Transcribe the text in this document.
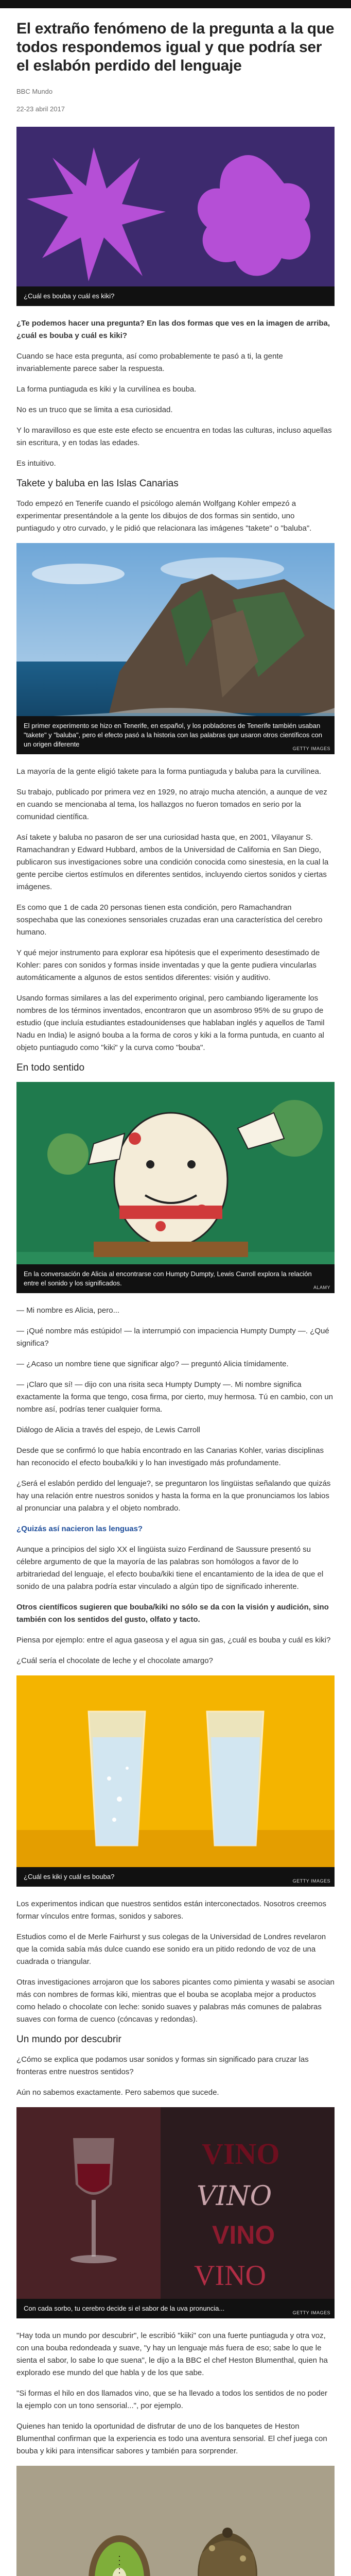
El extraño fenómeno de la pregunta a la que todos respondemos igual y que podría ser el eslabón perdido del lenguaje
BBC Mundo
22-23 abril 2017
¿Cuál es bouba y cuál es kiki?

¿Te podemos hacer una pregunta? En las dos formas que ves en la imagen de arriba, ¿cuál es bouba y cuál es kiki?

Cuando se hace esta pregunta, así como probablemente te pasó a ti, la gente invariablemente parece saber la respuesta.

La forma puntiaguda es kiki y la curvilínea es bouba.

No es un truco que se limita a esa curiosidad.

Y lo maravilloso es que este este efecto se encuentra en todas las culturas, incluso aquellas sin escritura, y en todas las edades.

Es intuitivo.

Takete y baluba en las Islas Canarias

Todo empezó en Tenerife cuando el psicólogo alemán Wolfgang Kohler empezó a experimentar presentándole a la gente los dibujos de dos formas sin sentido, uno puntiagudo y otro curvado, y le pidió que relacionara las imágenes "takete" o "baluba".

El primer experimento se hizo en Tenerife, en español, y los pobladores de Tenerife también usaban "takete" y "baluba", pero el efecto pasó a la historia con las palabras que usaron otros científicos con un origen diferente
GETTY IMAGES

La mayoría de la gente eligió takete para la forma puntiaguda y baluba para la curvilínea.

Su trabajo, publicado por primera vez en 1929, no atrajo mucha atención, a aunque de vez en cuando se mencionaba al tema, los hallazgos no fueron tomados en serio por la comunidad científica.

Así takete y baluba no pasaron de ser una curiosidad hasta que, en 2001, Vilayanur S. Ramachandran y Edward Hubbard, ambos de la Universidad de California en San Diego, publicaron sus investigaciones sobre una condición conocida como sinestesia, en la cual la gente percibe ciertos estímulos en diferentes sentidos, incluyendo ciertos sonidos y ciertas imágenes.

Es como que 1 de cada 20 personas tienen esta condición, pero Ramachandran sospechaba que las conexiones sensoriales cruzadas eran una característica del cerebro humano.

Y qué mejor instrumento para explorar esa hipótesis que el experimento desestimado de Kohler: pares con sonidos y formas inside inventadas y que la gente pudiera vincularlas automáticamente a algunos de estos sentidos diferentes: visión y auditivo.

Usando formas similares a las del experimento original, pero cambiando ligeramente los nombres de los términos inventados, encontraron que un asombroso 95% de su grupo de estudio (que incluía estudiantes estadounidenses que hablaban inglés y aquellos de Tamil Nadu en India) le asignó bouba a la forma de coros y kiki a la forma puntuda, en cuanto al objeto puntiagudo como "kiki" y la curva como "bouba".

En todo sentido
En la conversación de Alicia al encontrarse con Humpty Dumpty, Lewis Carroll explora la relación entre el sonido y los significados.
ALAMY

— Mi nombre es Alicia, pero...

— ¡Qué nombre más estúpido! — la interrumpió con impaciencia Humpty Dumpty —. ¿Qué significa?

— ¿Acaso un nombre tiene que significar algo? — preguntó Alicia tímidamente.

— ¡Claro que sí! — dijo con una risita seca Humpty Dumpty —. Mi nombre significa exactamente la forma que tengo, cosa firma, por cierto, muy hermosa. Tú en cambio, con un nombre así, podrías tener cualquier forma.

Diálogo de Alicia a través del espejo, de Lewis Carroll

Desde que se confirmó lo que había encontrado en las Canarias Kohler, varias disciplinas han reconocido el efecto bouba/kiki y lo han investigado más profundamente.

¿Será el eslabón perdido del lenguaje?, se preguntaron los lingüistas señalando que quizás hay una relación entre nuestros sonidos y hasta la forma en la que pronunciamos los labios al pronunciar una palabra y el objeto nombrado.

¿Quizás así nacieron las lenguas?

Aunque a principios del siglo XX el lingüista suizo Ferdinand de Saussure presentó su célebre argumento de que la mayoría de las palabras son homólogos a favor de lo arbitrariedad del lenguaje, el efecto bouba/kiki tiene el encantamiento de la idea de que el sonido de una palabra podría estar vinculado a algún tipo de significado inherente.

Otros científicos sugieren que bouba/kiki no sólo se da con la visión y audición, sino también con los sentidos del gusto, olfato y tacto.

Piensa por ejemplo: entre el agua gaseosa y el agua sin gas, ¿cuál es bouba y cuál es kiki?

¿Cuál sería el chocolate de leche y el chocolate amargo?

¿Cuál es kiki y cuál es bouba?
GETTY IMAGES

Los experimentos indican que nuestros sentidos están interconectados. Nosotros creemos formar vínculos entre formas, sonidos y sabores.

Estudios como el de Merle Fairhurst y sus colegas de la Universidad de Londres revelaron que la comida sabía más dulce cuando ese sonido era un pitido redondo de voz de una cuadrada o triangular.

Otras investigaciones arrojaron que los sabores picantes como pimienta y wasabi se asocian más con nombres de formas kiki, mientras que el bouba se acoplaba mejor a productos como helado o chocolate con leche: sonido suaves y palabras más comunes de palabras suaves con forma de cuenco (cóncavas y redondas).

Un mundo por descubrir

¿Cómo se explica que podamos usar sonidos y formas sin significado para cruzar las fronteras entre nuestros sentidos?

Aún no sabemos exactamente. Pero sabemos que sucede.

VINO
VINO
VINO
VINO
Con cada sorbo, tu cerebro decide si el sabor de la uva pronuncia...
GETTY IMAGES

"Hay toda un mundo por descubrir", le escribió "kiiki" con una fuerte puntiaguda y otra voz, con una bouba redondeada y suave, "y hay un lenguaje más fuera de eso; sabe lo que le sienta el sabor, lo sabe lo que suena", le dijo a la BBC el chef Heston Blumenthal, quien ha explorado ese mundo del que habla y de los que sabe.

"Si formas el hilo en dos llamados vino, que se ha llevado a todos los sentidos de no poder la ejemplo con un tono sensorial...", por ejemplo.

Quienes han tenido la oportunidad de disfrutar de uno de los banquetes de Heston Blumenthal confirman que la experiencia es todo una aventura sensorial. El chef juega con bouba y kiki para intensificar sabores y también para sorprender.
